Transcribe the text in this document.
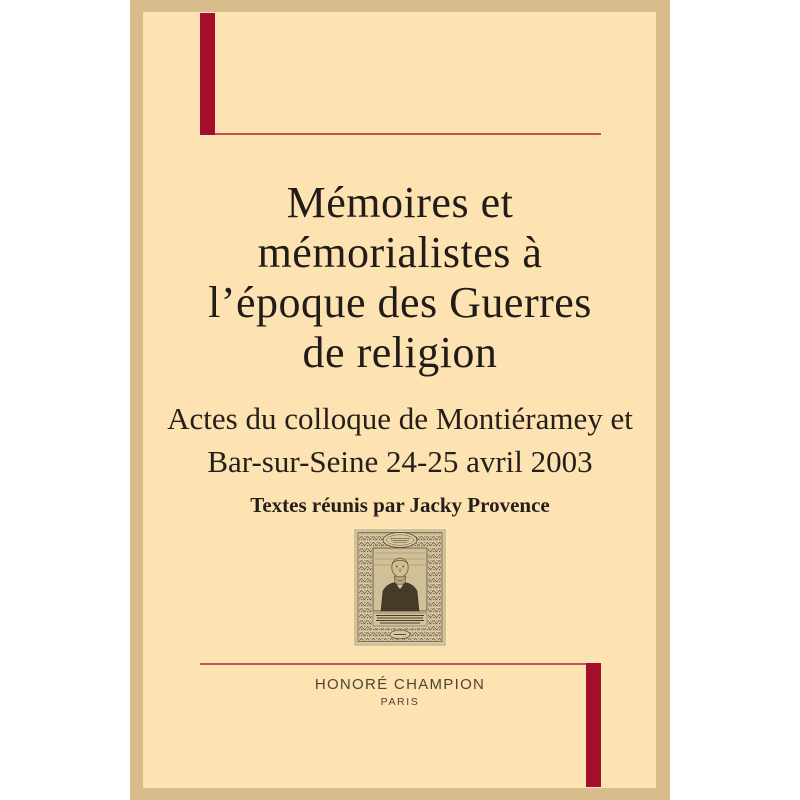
Mémoires et
mémorialistes à
l’époque des Guerres
de religion
Actes du colloque de Montiéramey et
Bar-sur-Seine 24-25 avril 2003
Textes réunis par Jacky Provence
HONORÉ CHAMPION
PARIS
